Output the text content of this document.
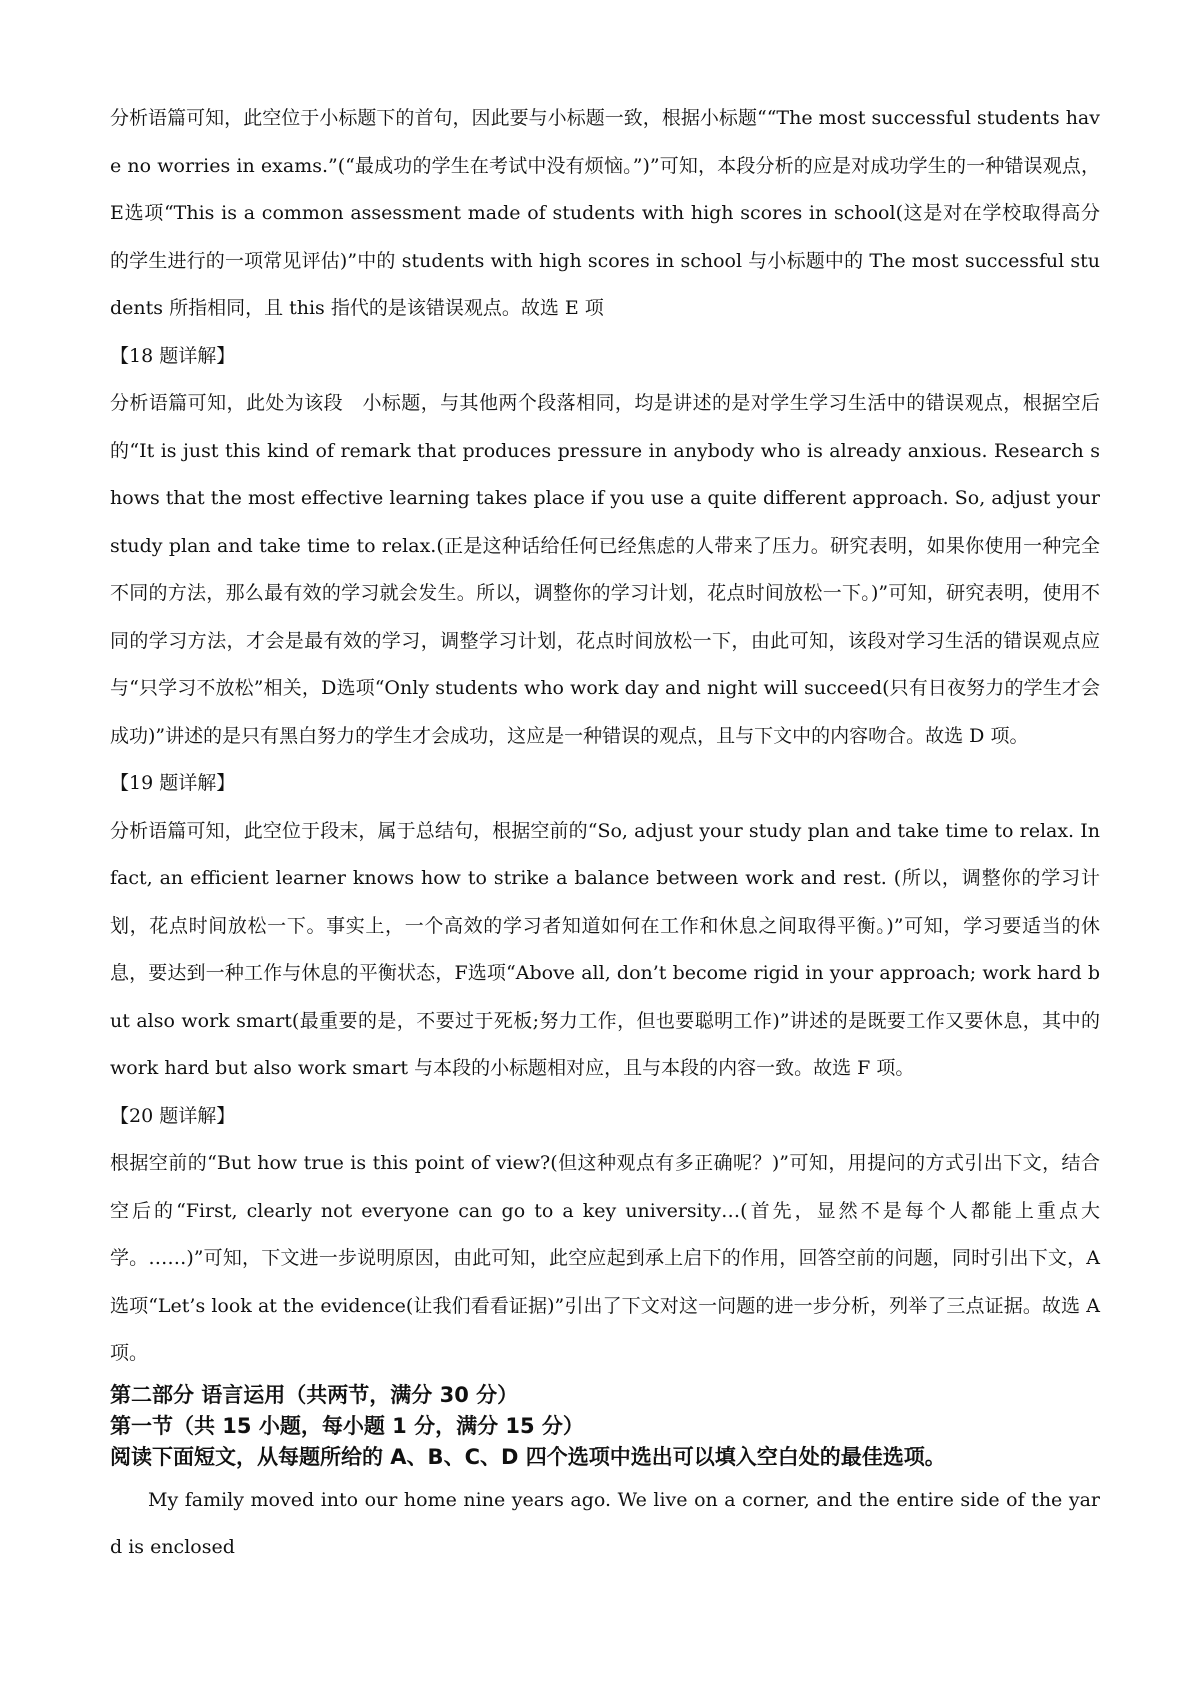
分析语篇可知，此空位于小标题下的首句，因此要与小标题一致，根据小标题““The most successful students have no worries in exams.”(“最成功的学生在考试中没有烦恼。”)”可知，本段分析的应是对成功学生的一种错误观点，E选项“This is a common assessment made of students with high scores in school(这是对在学校取得高分的学生进行的一项常见评估)”中的 students with high scores in school 与小标题中的 The most successful students 所指相同，且 this 指代的是该错误观点。故选 E 项

【18 题详解】

分析语篇可知，此处为该段　小标题，与其他两个段落相同，均是讲述的是对学生学习生活中的错误观点，根据空后的“It is just this kind of remark that produces pressure in anybody who is already anxious. Research shows that the most effective learning takes place if you use a quite different approach. So, adjust your study plan and take time to relax.(正是这种话给任何已经焦虑的人带来了压力。研究表明，如果你使用一种完全不同的方法，那么最有效的学习就会发生。所以，调整你的学习计划，花点时间放松一下。)”可知，研究表明，使用不同的学习方法，才会是最有效的学习，调整学习计划，花点时间放松一下，由此可知，该段对学习生活的错误观点应与“只学习不放松”相关，D选项“Only students who work day and night will succeed(只有日夜努力的学生才会成功)”讲述的是只有黑白努力的学生才会成功，这应是一种错误的观点，且与下文中的内容吻合。故选 D 项。

【19 题详解】

分析语篇可知，此空位于段末，属于总结句，根据空前的“So, adjust your study plan and take time to relax. In fact, an efficient learner knows how to strike a balance between work and rest. (所以，调整你的学习计划，花点时间放松一下。事实上，一个高效的学习者知道如何在工作和休息之间取得平衡。)”可知，学习要适当的休息，要达到一种工作与休息的平衡状态，F选项“Above all, don’t become rigid in your approach; work hard but also work smart(最重要的是，不要过于死板;努力工作，但也要聪明工作)”讲述的是既要工作又要休息，其中的 work hard but also work smart 与本段的小标题相对应，且与本段的内容一致。故选 F 项。

【20 题详解】

根据空前的“But how true is this point of view?(但这种观点有多正确呢？)”可知，用提问的方式引出下文，结合空后的“First, clearly not everyone can go to a key university…(首先，显然不是每个人都能上重点大学。……)”可知，下文进一步说明原因，由此可知，此空应起到承上启下的作用，回答空前的问题，同时引出下文，A选项“Let’s look at the evidence(让我们看看证据)”引出了下文对这一问题的进一步分析，列举了三点证据。故选 A 项。

第二部分 语言运用（共两节，满分 30 分）

第一节（共 15 小题，每小题 1 分，满分 15 分）

阅读下面短文，从每题所给的 A、B、C、D 四个选项中选出可以填入空白处的最佳选项。

My family moved into our home nine years ago. We live on a corner, and the entire side of the yard is enclosed
